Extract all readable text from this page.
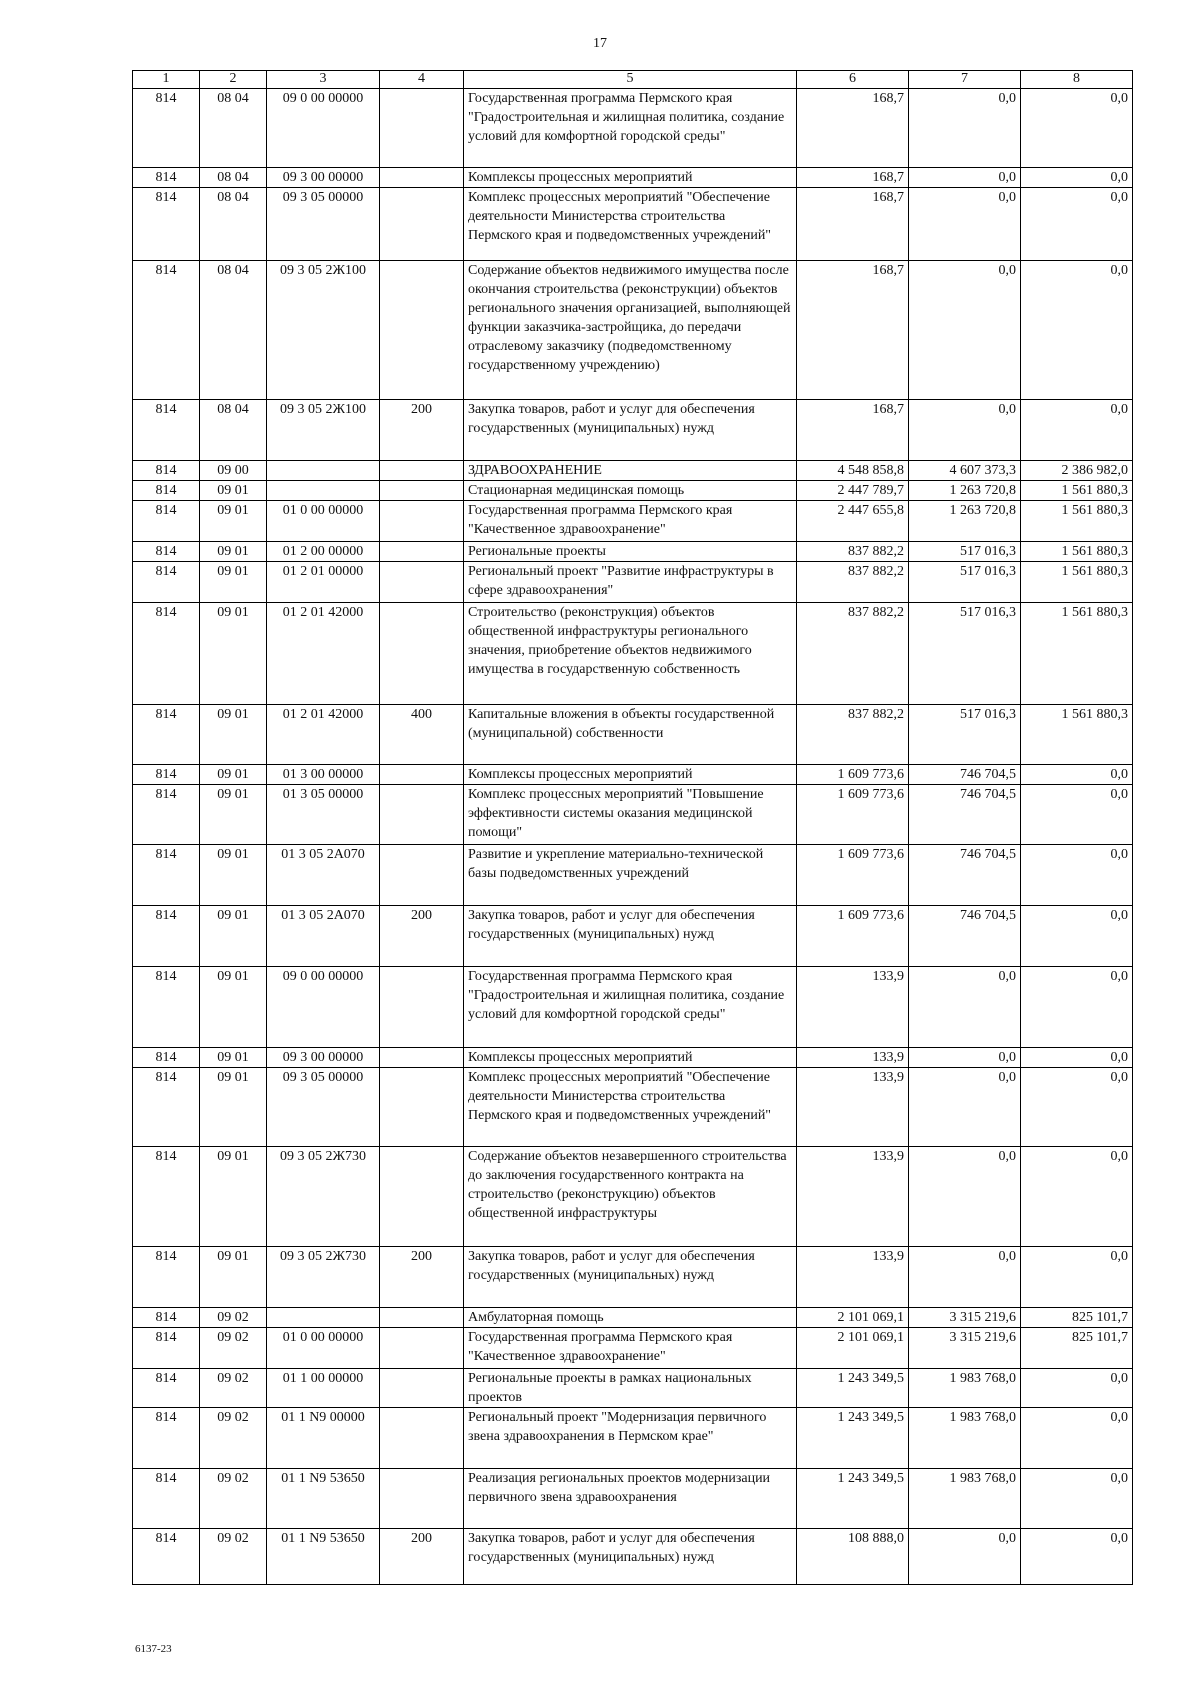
17
1	2	3	4	5	6	7	8
814	08 04	09 0 00 00000		Государственная программа Пермского края "Градостроительная и жилищная политика, создание условий для комфортной городской среды"	168,7	0,0	0,0
814	08 04	09 3 00 00000		Комплексы процессных мероприятий	168,7	0,0	0,0
814	08 04	09 3 05 00000		Комплекс процессных мероприятий "Обеспечение деятельности Министерства строительства Пермского края и подведомственных учреждений"	168,7	0,0	0,0
814	08 04	09 3 05 2Ж100		Содержание объектов недвижимого имущества после окончания строительства (реконструкции) объектов регионального значения организацией, выполняющей функции заказчика-застройщика, до передачи отраслевому заказчику (подведомственному государственному учреждению)	168,7	0,0	0,0
814	08 04	09 3 05 2Ж100	200	Закупка товаров, работ и услуг для обеспечения государственных (муниципальных) нужд	168,7	0,0	0,0
814	09 00			ЗДРАВООХРАНЕНИЕ	4 548 858,8	4 607 373,3	2 386 982,0
814	09 01			Стационарная медицинская помощь	2 447 789,7	1 263 720,8	1 561 880,3
814	09 01	01 0 00 00000		Государственная программа Пермского края "Качественное здравоохранение"	2 447 655,8	1 263 720,8	1 561 880,3
814	09 01	01 2 00 00000		Региональные проекты	837 882,2	517 016,3	1 561 880,3
814	09 01	01 2 01 00000		Региональный проект "Развитие инфраструктуры в сфере здравоохранения"	837 882,2	517 016,3	1 561 880,3
814	09 01	01 2 01 42000		Строительство (реконструкция) объектов общественной инфраструктуры регионального значения, приобретение объектов недвижимого имущества в государственную собственность	837 882,2	517 016,3	1 561 880,3
814	09 01	01 2 01 42000	400	Капитальные вложения в объекты государственной (муниципальной) собственности	837 882,2	517 016,3	1 561 880,3
814	09 01	01 3 00 00000		Комплексы процессных мероприятий	1 609 773,6	746 704,5	0,0
814	09 01	01 3 05 00000		Комплекс процессных мероприятий "Повышение эффективности системы оказания медицинской помощи"	1 609 773,6	746 704,5	0,0
814	09 01	01 3 05 2А070		Развитие и укрепление материально-технической базы подведомственных учреждений	1 609 773,6	746 704,5	0,0
814	09 01	01 3 05 2А070	200	Закупка товаров, работ и услуг для обеспечения государственных (муниципальных) нужд	1 609 773,6	746 704,5	0,0
814	09 01	09 0 00 00000		Государственная программа Пермского края "Градостроительная и жилищная политика, создание условий для комфортной городской среды"	133,9	0,0	0,0
814	09 01	09 3 00 00000		Комплексы процессных мероприятий	133,9	0,0	0,0
814	09 01	09 3 05 00000		Комплекс процессных мероприятий "Обеспечение деятельности Министерства строительства Пермского края и подведомственных учреждений"	133,9	0,0	0,0
814	09 01	09 3 05 2Ж730		Содержание объектов незавершенного строительства до заключения государственного контракта на строительство (реконструкцию) объектов общественной инфраструктуры	133,9	0,0	0,0
814	09 01	09 3 05 2Ж730	200	Закупка товаров, работ и услуг для обеспечения государственных (муниципальных) нужд	133,9	0,0	0,0
814	09 02			Амбулаторная помощь	2 101 069,1	3 315 219,6	825 101,7
814	09 02	01 0 00 00000		Государственная программа Пермского края "Качественное здравоохранение"	2 101 069,1	3 315 219,6	825 101,7
814	09 02	01 1 00 00000		Региональные проекты в рамках национальных проектов	1 243 349,5	1 983 768,0	0,0
814	09 02	01 1 N9 00000		Региональный проект "Модернизация первичного звена здравоохранения в Пермском крае"	1 243 349,5	1 983 768,0	0,0
814	09 02	01 1 N9 53650		Реализация региональных проектов модернизации первичного звена здравоохранения	1 243 349,5	1 983 768,0	0,0
814	09 02	01 1 N9 53650	200	Закупка товаров, работ и услуг для обеспечения государственных (муниципальных) нужд	108 888,0	0,0	0,0
6137-23
